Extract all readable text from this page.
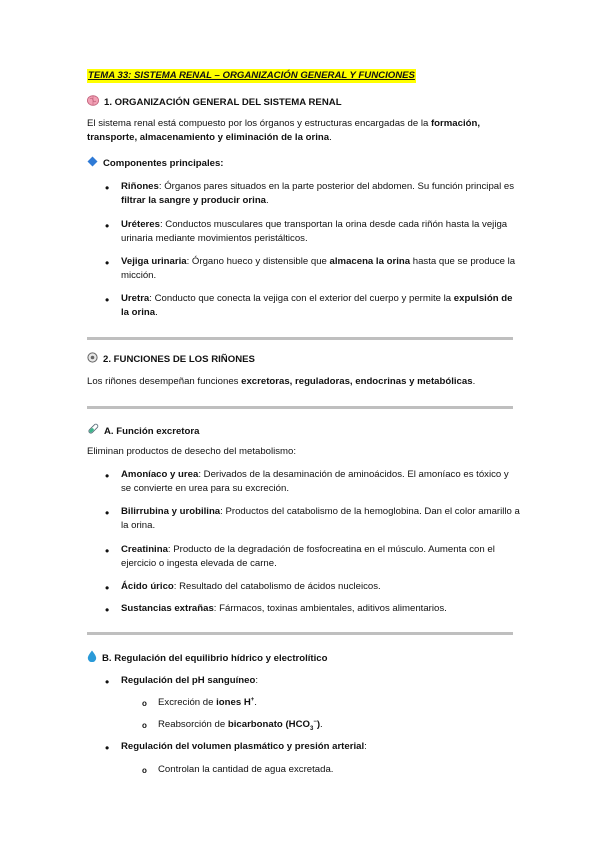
TEMA 33: SISTEMA RENAL – ORGANIZACIÓN GENERAL Y FUNCIONES
1. ORGANIZACIÓN GENERAL DEL SISTEMA RENAL
El sistema renal está compuesto por los órganos y estructuras encargadas de la formación, transporte, almacenamiento y eliminación de la orina.
Componentes principales:
• Riñones: Órganos pares situados en la parte posterior del abdomen. Su función principal es filtrar la sangre y producir orina.
• Uréteres: Conductos musculares que transportan la orina desde cada riñón hasta la vejiga urinaria mediante movimientos peristálticos.
• Vejiga urinaria: Órgano hueco y distensible que almacena la orina hasta que se produce la micción.
• Uretra: Conducto que conecta la vejiga con el exterior del cuerpo y permite la expulsión de la orina.
2. FUNCIONES DE LOS RIÑONES
Los riñones desempeñan funciones excretoras, reguladoras, endocrinas y metabólicas.
A. Función excretora
Eliminan productos de desecho del metabolismo:
• Amoníaco y urea: Derivados de la desaminación de aminoácidos. El amoníaco es tóxico y se convierte en urea para su excreción.
• Bilirrubina y urobilina: Productos del catabolismo de la hemoglobina. Dan el color amarillo a la orina.
• Creatinina: Producto de la degradación de fosfocreatina en el músculo. Aumenta con el ejercicio o ingesta elevada de carne.
• Ácido úrico: Resultado del catabolismo de ácidos nucleicos.
• Sustancias extrañas: Fármacos, toxinas ambientales, aditivos alimentarios.
B. Regulación del equilibrio hídrico y electrolítico
• Regulación del pH sanguíneo:
o Excreción de iones H+.
o Reabsorción de bicarbonato $(HCO_3^-)$.
• Regulación del volumen plasmático y presión arterial:
o Controlan la cantidad de agua excretada.
